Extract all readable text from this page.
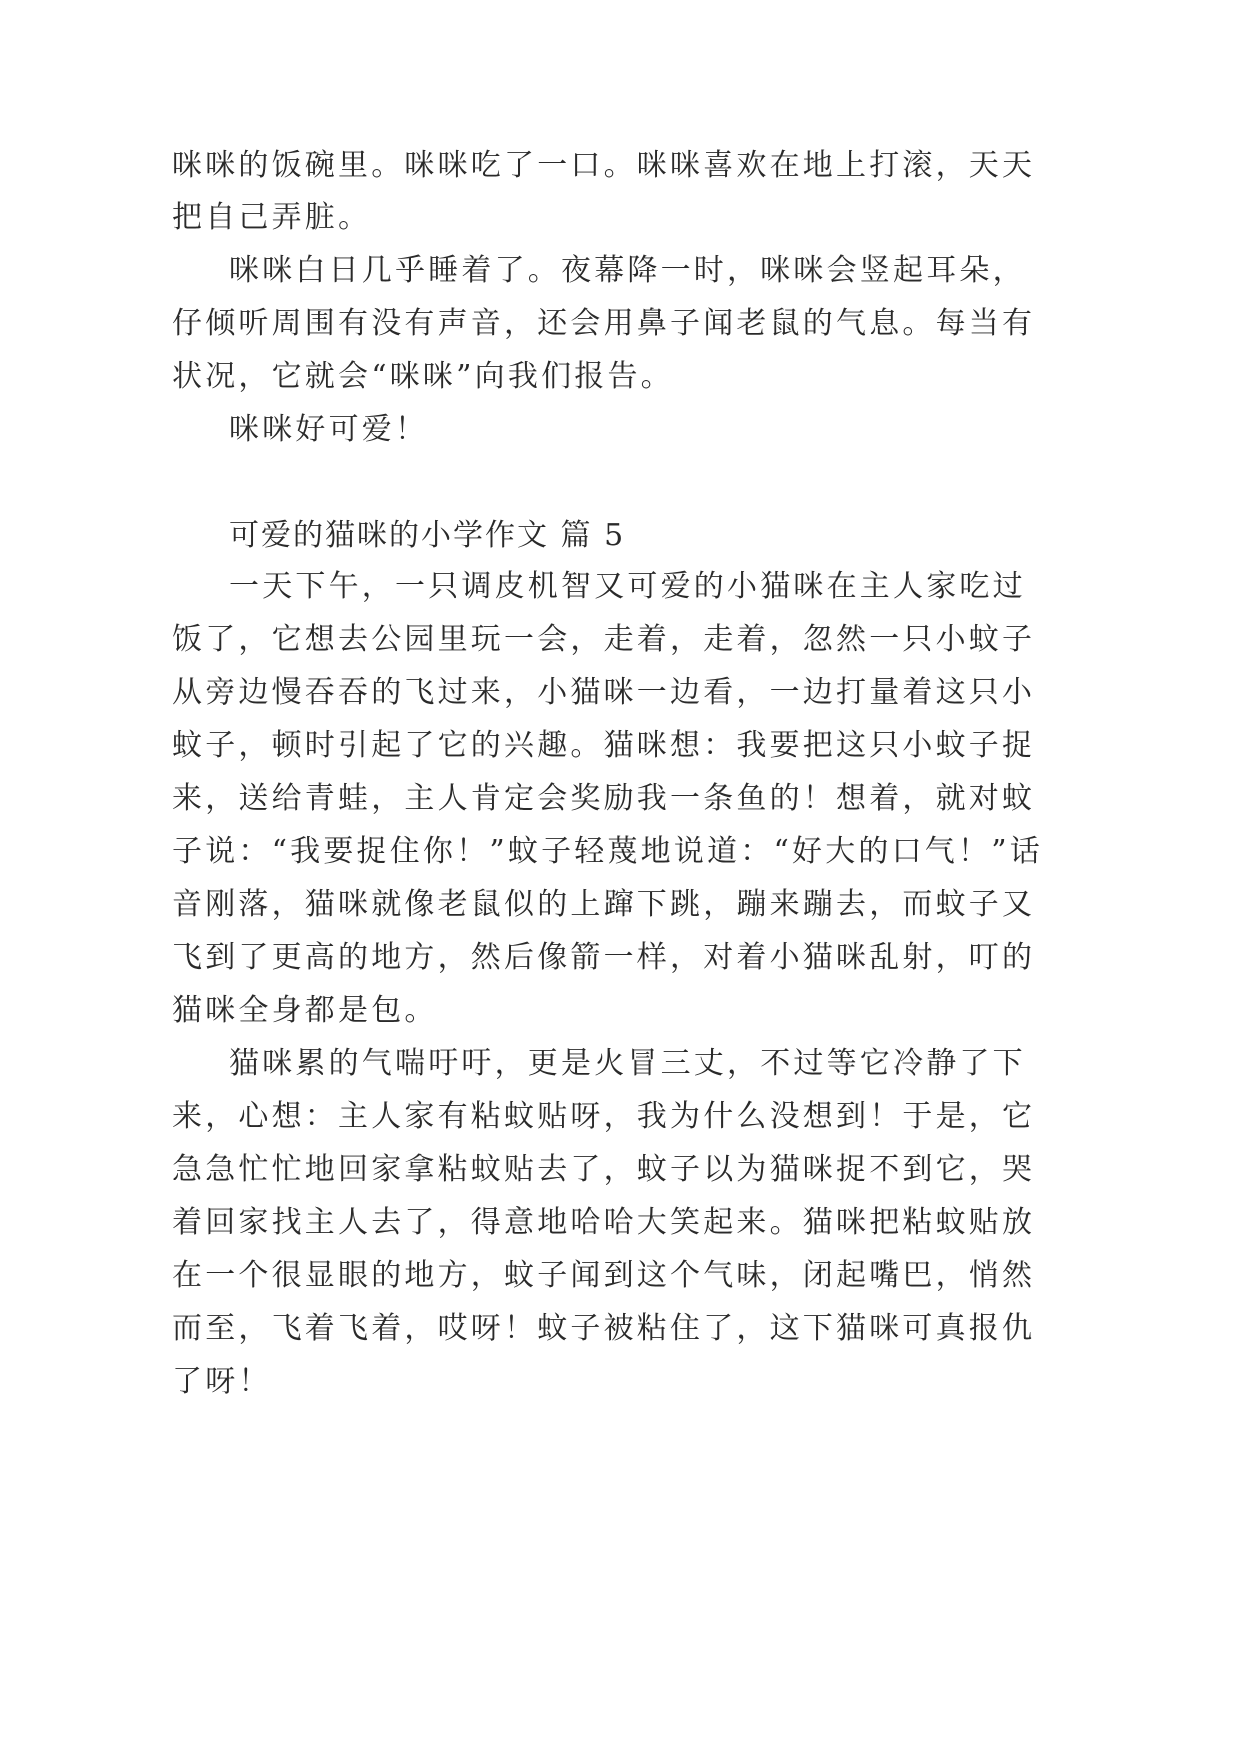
咪咪的饭碗里。咪咪吃了一口。咪咪喜欢在地上打滚，天天
把自己弄脏。
咪咪白日几乎睡着了。夜幕降一时，咪咪会竖起耳朵，
仔倾听周围有没有声音，还会用鼻子闻老鼠的气息。每当有
状况，它就会“咪咪”向我们报告。
咪咪好可爱！
可爱的猫咪的小学作文 篇 5
一天下午，一只调皮机智又可爱的小猫咪在主人家吃过
饭了，它想去公园里玩一会，走着，走着，忽然一只小蚊子
从旁边慢吞吞的飞过来，小猫咪一边看，一边打量着这只小
蚊子，顿时引起了它的兴趣。猫咪想：我要把这只小蚊子捉
来，送给青蛙，主人肯定会奖励我一条鱼的！想着，就对蚊
子说：“我要捉住你！”蚊子轻蔑地说道：“好大的口气！”话
音刚落，猫咪就像老鼠似的上蹿下跳，蹦来蹦去，而蚊子又
飞到了更高的地方，然后像箭一样，对着小猫咪乱射，叮的
猫咪全身都是包。
猫咪累的气喘吁吁，更是火冒三丈，不过等它冷静了下
来，心想：主人家有粘蚊贴呀，我为什么没想到！于是，它
急急忙忙地回家拿粘蚊贴去了，蚊子以为猫咪捉不到它，哭
着回家找主人去了，得意地哈哈大笑起来。猫咪把粘蚊贴放
在一个很显眼的地方，蚊子闻到这个气味，闭起嘴巴，悄然
而至，飞着飞着，哎呀！蚊子被粘住了，这下猫咪可真报仇
了呀！
